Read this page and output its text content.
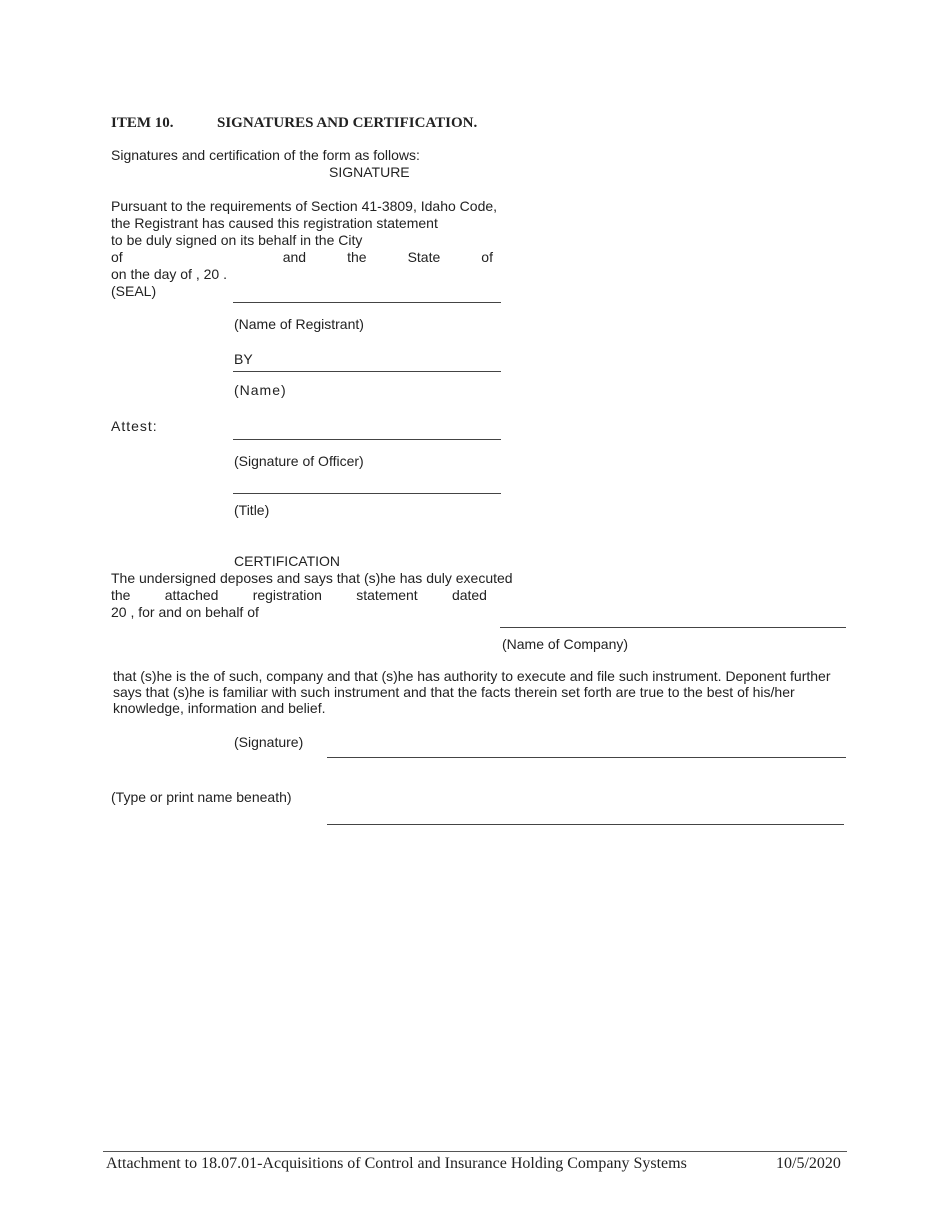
ITEM 10.	SIGNATURES AND CERTIFICATION.
Signatures and certification of the form as follows:
SIGNATURE
Pursuant to the requirements of Section 41-3809, Idaho Code,
the Registrant has caused this registration statement
to be duly signed on its behalf in the City
of	and	the	State	of
on the day of , 20 .
(SEAL)
(Name of Registrant)
BY
(Name)
Attest:
(Signature of Officer)
(Title)
CERTIFICATION
The undersigned deposes and says that (s)he has duly executed
the attached registration statement dated
20 , for and on behalf of
(Name of Company)
that (s)he is the of such, company and that (s)he has authority to execute and file such instrument. Deponent further says that (s)he is familiar with such instrument and that the facts therein set forth are true to the best of his/her knowledge, information and belief.
(Signature)
(Type or print name beneath)
Attachment to 18.07.01-Acquisitions of Control and Insurance Holding Company Systems	10/5/2020
